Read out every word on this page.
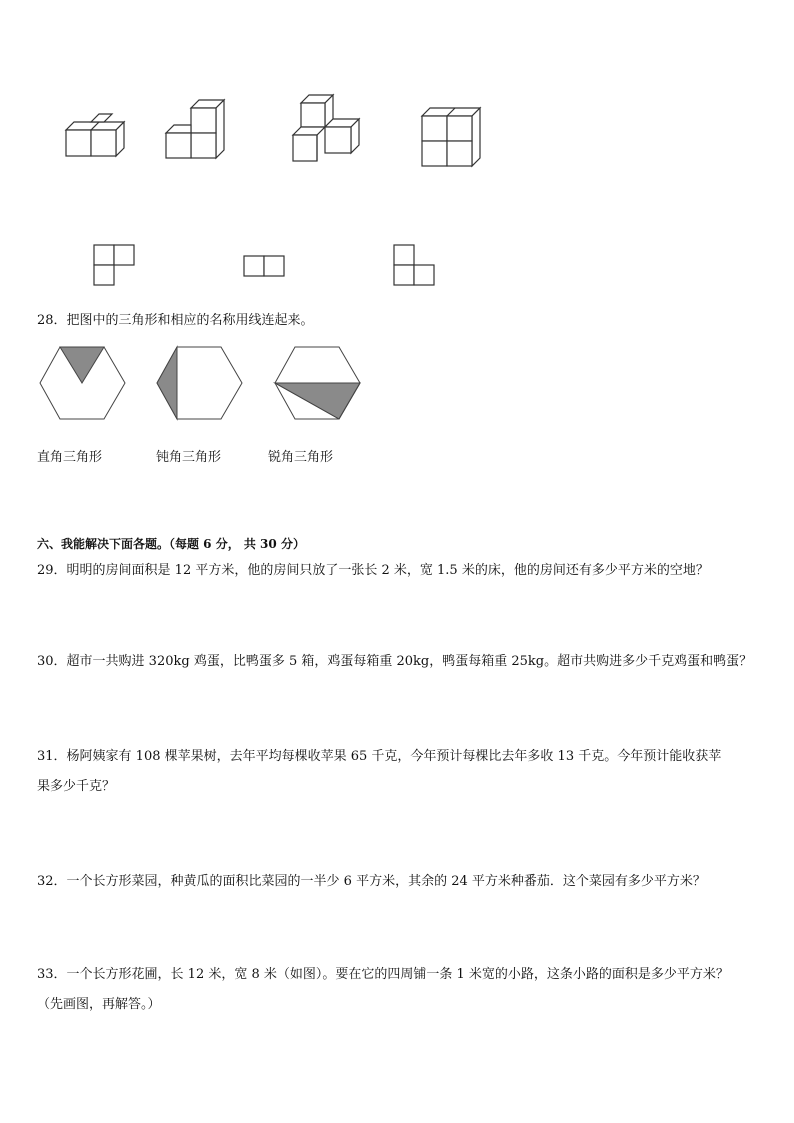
28．把图中的三角形和相应的名称用线连起来。
直角三角形	钝角三角形	锐角三角形
六、我能解决下面各题。（每题 6 分， 共 30 分）
29．明明的房间面积是 12 平方米，他的房间只放了一张长 2 米，宽 1.5 米的床，他的房间还有多少平方米的空地？
30．超市一共购进 320kg 鸡蛋，比鸭蛋多 5 箱，鸡蛋每箱重 20kg，鸭蛋每箱重 25kg。超市共购进多少千克鸡蛋和鸭蛋？
31．杨阿姨家有 108 棵苹果树，去年平均每棵收苹果 65 千克，今年预计每棵比去年多收 13 千克。今年预计能收获苹
果多少千克？
32．一个长方形菜园，种黄瓜的面积比菜园的一半少 6 平方米，其余的 24 平方米种番茄．这个菜园有多少平方米？
33．一个长方形花圃，长 12 米，宽 8 米（如图）。要在它的四周铺一条 1 米宽的小路，这条小路的面积是多少平方米？
（先画图，再解答。）
